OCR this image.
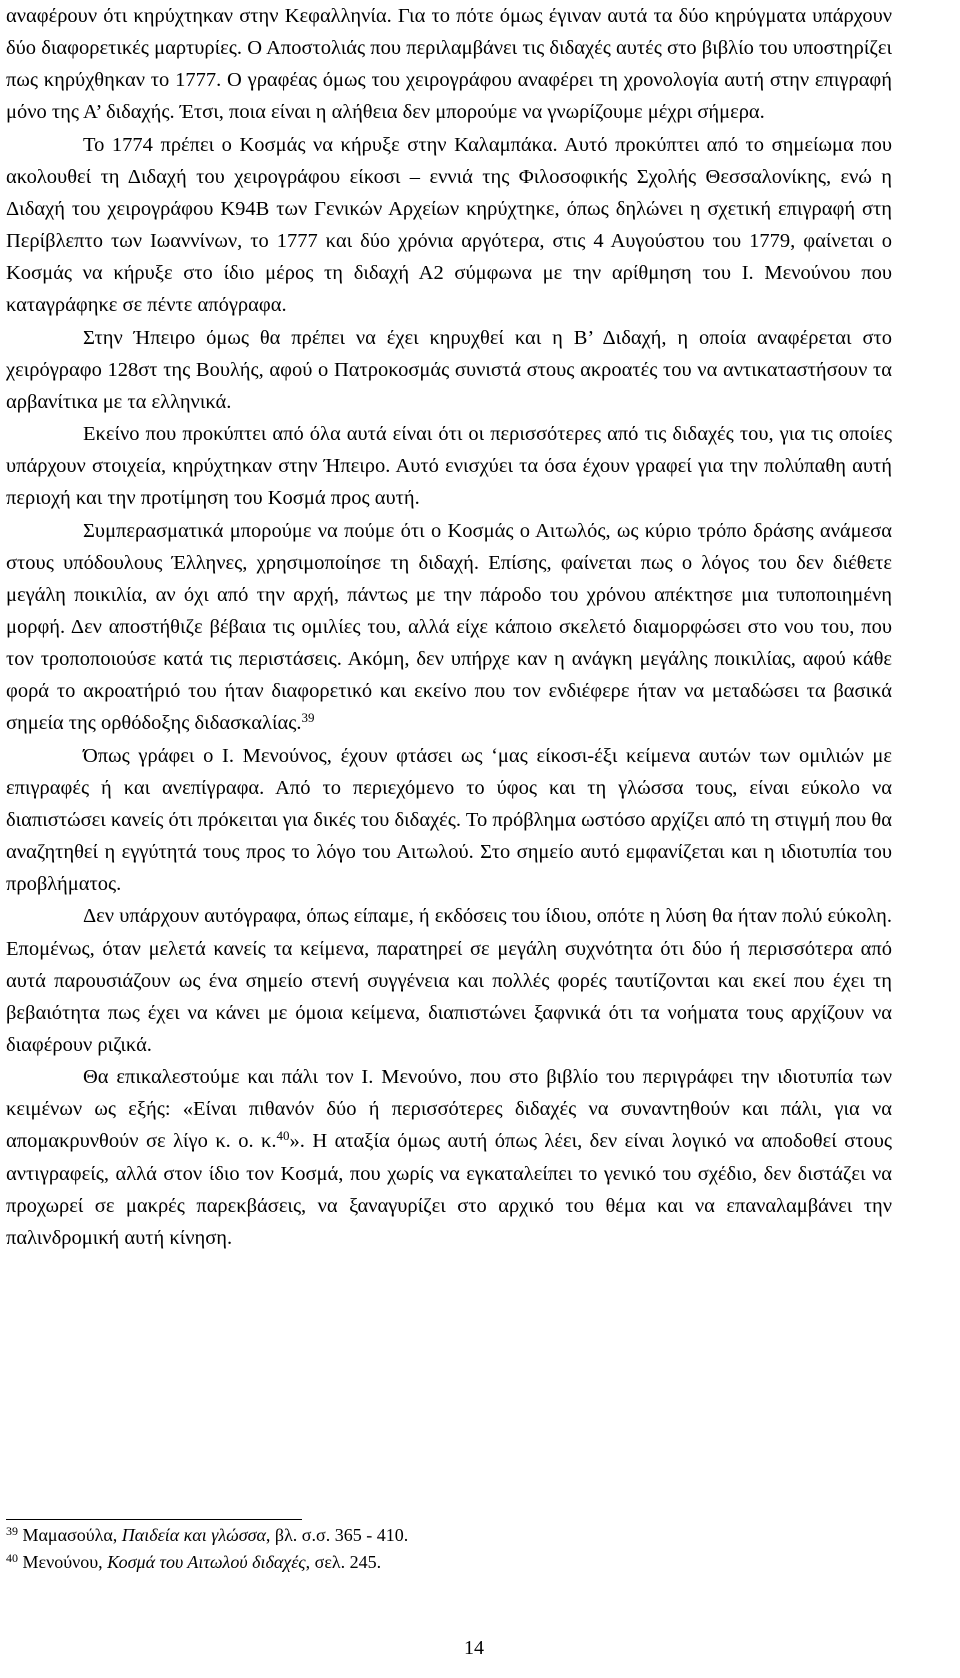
αναφέρουν ότι κηρύχτηκαν στην Κεφαλληνία. Για το πότε όμως έγιναν αυτά τα δύο κηρύγματα υπάρχουν δύο διαφορετικές μαρτυρίες. Ο Αποστολιάς που περιλαμβάνει τις διδαχές αυτές στο βιβλίο του υποστηρίζει πως κηρύχθηκαν το 1777. Ο γραφέας όμως του χειρογράφου αναφέρει τη χρονολογία αυτή στην επιγραφή μόνο της Α’ διδαχής. Έτσι, ποια είναι η αλήθεια δεν μπορούμε να γνωρίζουμε μέχρι σήμερα.

Το 1774 πρέπει ο Κοσμάς να κήρυξε στην Καλαμπάκα. Αυτό προκύπτει από το σημείωμα που ακολουθεί τη Διδαχή του χειρογράφου είκοσι – εννιά της Φιλοσοφικής Σχολής Θεσσαλονίκης, ενώ η Διδαχή του χειρογράφου Κ94Β των Γενικών Αρχείων κηρύχτηκε, όπως δηλώνει η σχετική επιγραφή στη Περίβλεπτο των Ιωαννίνων, το 1777 και δύο χρόνια αργότερα, στις 4 Αυγούστου του 1779, φαίνεται ο Κοσμάς να κήρυξε στο ίδιο μέρος τη διδαχή Α2 σύμφωνα με την αρίθμηση του Ι. Μενούνου που καταγράφηκε σε πέντε απόγραφα.

Στην Ήπειρο όμως θα πρέπει να έχει κηρυχθεί και η Β’ Διδαχή, η οποία αναφέρεται στο χειρόγραφο 128στ της Βουλής, αφού ο Πατροκοσμάς συνιστά στους ακροατές του να αντικαταστήσουν τα αρβανίτικα με τα ελληνικά.

Εκείνο που προκύπτει από όλα αυτά είναι ότι οι περισσότερες από τις διδαχές του, για τις οποίες υπάρχουν στοιχεία, κηρύχτηκαν στην Ήπειρο. Αυτό ενισχύει τα όσα έχουν γραφεί για την πολύπαθη αυτή περιοχή και την προτίμηση του Κοσμά προς αυτή.

Συμπερασματικά μπορούμε να πούμε ότι ο Κοσμάς ο Αιτωλός, ως κύριο τρόπο δράσης ανάμεσα στους υπόδουλους Έλληνες, χρησιμοποίησε τη διδαχή. Επίσης, φαίνεται πως ο λόγος του δεν διέθετε μεγάλη ποικιλία, αν όχι από την αρχή, πάντως με την πάροδο του χρόνου απέκτησε μια τυποποιημένη μορφή. Δεν αποστήθιζε βέβαια τις ομιλίες του, αλλά είχε κάποιο σκελετό διαμορφώσει στο νου του, που τον τροποποιούσε κατά τις περιστάσεις. Ακόμη, δεν υπήρχε καν η ανάγκη μεγάλης ποικιλίας, αφού κάθε φορά το ακροατήριό του ήταν διαφορετικό και εκείνο που τον ενδιέφερε ήταν να μεταδώσει τα βασικά σημεία της ορθόδοξης διδασκαλίας.$^{39}$

Όπως γράφει ο Ι. Μενούνος, έχουν φτάσει ως ‘μας είκοσι-έξι κείμενα αυτών των ομιλιών με επιγραφές ή και ανεπίγραφα. Από το περιεχόμενο το ύφος και τη γλώσσα τους, είναι εύκολο να διαπιστώσει κανείς ότι πρόκειται για δικές του διδαχές. Το πρόβλημα ωστόσο αρχίζει από τη στιγμή που θα αναζητηθεί η εγγύτητά τους προς το λόγο του Αιτωλού. Στο σημείο αυτό εμφανίζεται και η ιδιοτυπία του προβλήματος.

Δεν υπάρχουν αυτόγραφα, όπως είπαμε, ή εκδόσεις του ίδιου, οπότε η λύση θα ήταν πολύ εύκολη. Επομένως, όταν μελετά κανείς τα κείμενα, παρατηρεί σε μεγάλη συχνότητα ότι δύο ή περισσότερα από αυτά παρουσιάζουν ως ένα σημείο στενή συγγένεια και πολλές φορές ταυτίζονται και εκεί που έχει τη βεβαιότητα πως έχει να κάνει με όμοια κείμενα, διαπιστώνει ξαφνικά ότι τα νοήματα τους αρχίζουν να διαφέρουν ριζικά.

Θα επικαλεστούμε και πάλι τον Ι. Μενούνο, που στο βιβλίο του περιγράφει την ιδιοτυπία των κειμένων ως εξής: «Είναι πιθανόν δύο ή περισσότερες διδαχές να συναντηθούν και πάλι, για να απομακρυνθούν σε λίγο κ. ο. κ.$^{40}$». Η αταξία όμως αυτή όπως λέει, δεν είναι λογικό να αποδοθεί στους αντιγραφείς, αλλά στον ίδιο τον Κοσμά, που χωρίς να εγκαταλείπει το γενικό του σχέδιο, δεν διστάζει να προχωρεί σε μακρές παρεκβάσεις, να ξαναγυρίζει στο αρχικό του θέμα και να επαναλαμβάνει την παλινδρομική αυτή κίνηση.

$^{39}$ Μαμασούλα, Παιδεία και γλώσσα, βλ. σ.σ. 365 - 410.

$^{40}$ Μενούνου, Κοσμά του Αιτωλού διδαχές, σελ. 245.

14
